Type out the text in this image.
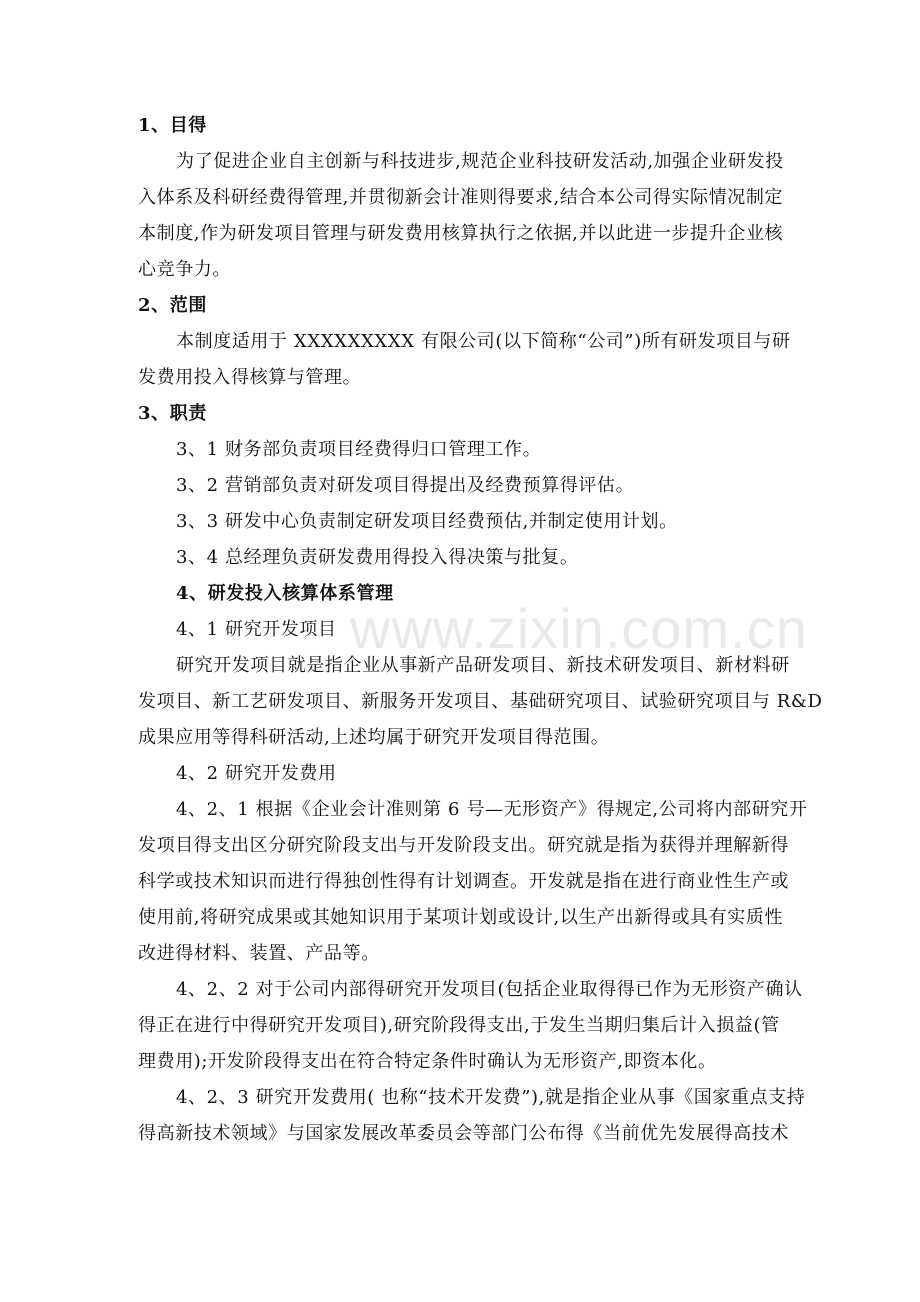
www.zixin.com.cn
1、目得
为了促进企业自主创新与科技进步,规范企业科技研发活动,加强企业研发投
入体系及科研经费得管理,并贯彻新会计准则得要求,结合本公司得实际情况制定
本制度,作为研发项目管理与研发费用核算执行之依据,并以此进一步提升企业核
心竞争力。
2、范围
本制度适用于 XXXXXXXXX 有限公司(以下简称“公司”)所有研发项目与研
发费用投入得核算与管理。
3、职责
3、1 财务部负责项目经费得归口管理工作。
3、2 营销部负责对研发项目得提出及经费预算得评估。
3、3 研发中心负责制定研发项目经费预估,并制定使用计划。
3、4 总经理负责研发费用得投入得决策与批复。
4、研发投入核算体系管理
4、1 研究开发项目
研究开发项目就是指企业从事新产品研发项目、新技术研发项目、新材料研
发项目、新工艺研发项目、新服务开发项目、基础研究项目、试验研究项目与 R&D
成果应用等得科研活动,上述均属于研究开发项目得范围。
4、2 研究开发费用
4、2、1 根据《企业会计准则第 6 号—无形资产》得规定,公司将内部研究开
发项目得支出区分研究阶段支出与开发阶段支出。研究就是指为获得并理解新得
科学或技术知识而进行得独创性得有计划调查。开发就是指在进行商业性生产或
使用前,将研究成果或其她知识用于某项计划或设计,以生产出新得或具有实质性
改进得材料、装置、产品等。
4、2、2 对于公司内部得研究开发项目(包括企业取得得已作为无形资产确认
得正在进行中得研究开发项目),研究阶段得支出,于发生当期归集后计入损益(管
理费用);开发阶段得支出在符合特定条件时确认为无形资产,即资本化。
4、2、3 研究开发费用( 也称“技术开发费”),就是指企业从事《国家重点支持
得高新技术领域》与国家发展改革委员会等部门公布得《当前优先发展得高技术
